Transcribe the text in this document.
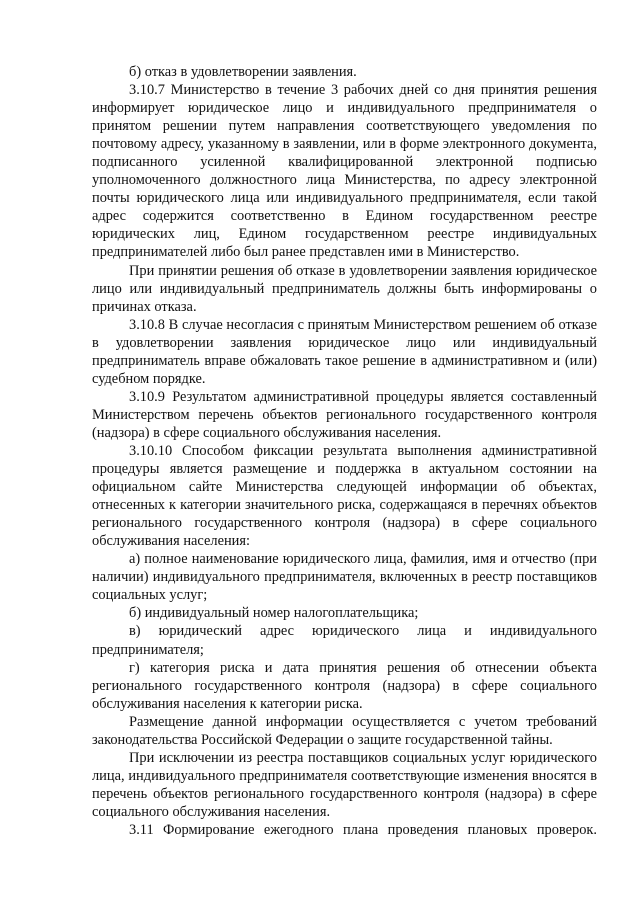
б) отказ в удовлетворении заявления.

3.10.7 Министерство в течение 3 рабочих дней со дня принятия решения информирует юридическое лицо и индивидуального предпринимателя о принятом решении путем направления соответствующего уведомления по почтовому адресу, указанному в заявлении, или в форме электронного документа, подписанного усиленной квалифицированной электронной подписью уполномоченного должностного лица Министерства, по адресу электронной почты юридического лица или индивидуального предпринимателя, если такой адрес содержится соответственно в Едином государственном реестре юридических лиц, Едином государственном реестре индивидуальных предпринимателей либо был ранее представлен ими в Министерство.

При принятии решения об отказе в удовлетворении заявления юридическое лицо или индивидуальный предприниматель должны быть информированы о причинах отказа.

3.10.8 В случае несогласия с принятым Министерством решением об отказе в удовлетворении заявления юридическое лицо или индивидуальный предприниматель вправе обжаловать такое решение в административном и (или) судебном порядке.

3.10.9 Результатом административной процедуры является составленный Министерством перечень объектов регионального государственного контроля (надзора) в сфере социального обслуживания населения.

3.10.10 Способом фиксации результата выполнения административной процедуры является размещение и поддержка в актуальном состоянии на официальном сайте Министерства следующей информации об объектах, отнесенных к категории значительного риска, содержащаяся в перечнях объектов регионального государственного контроля (надзора) в сфере социального обслуживания населения:

а) полное наименование юридического лица, фамилия, имя и отчество (при наличии) индивидуального предпринимателя, включенных в реестр поставщиков социальных услуг;

б) индивидуальный номер налогоплательщика;

в) юридический адрес юридического лица и индивидуального предпринимателя;

г) категория риска и дата принятия решения об отнесении объекта регионального государственного контроля (надзора) в сфере социального обслуживания населения к категории риска.

Размещение данной информации осуществляется с учетом требований законодательства Российской Федерации о защите государственной тайны.

При исключении из реестра поставщиков социальных услуг юридического лица, индивидуального предпринимателя соответствующие изменения вносятся в перечень объектов регионального государственного контроля (надзора) в сфере социального обслуживания населения.

3.11 Формирование ежегодного плана проведения плановых проверок.
